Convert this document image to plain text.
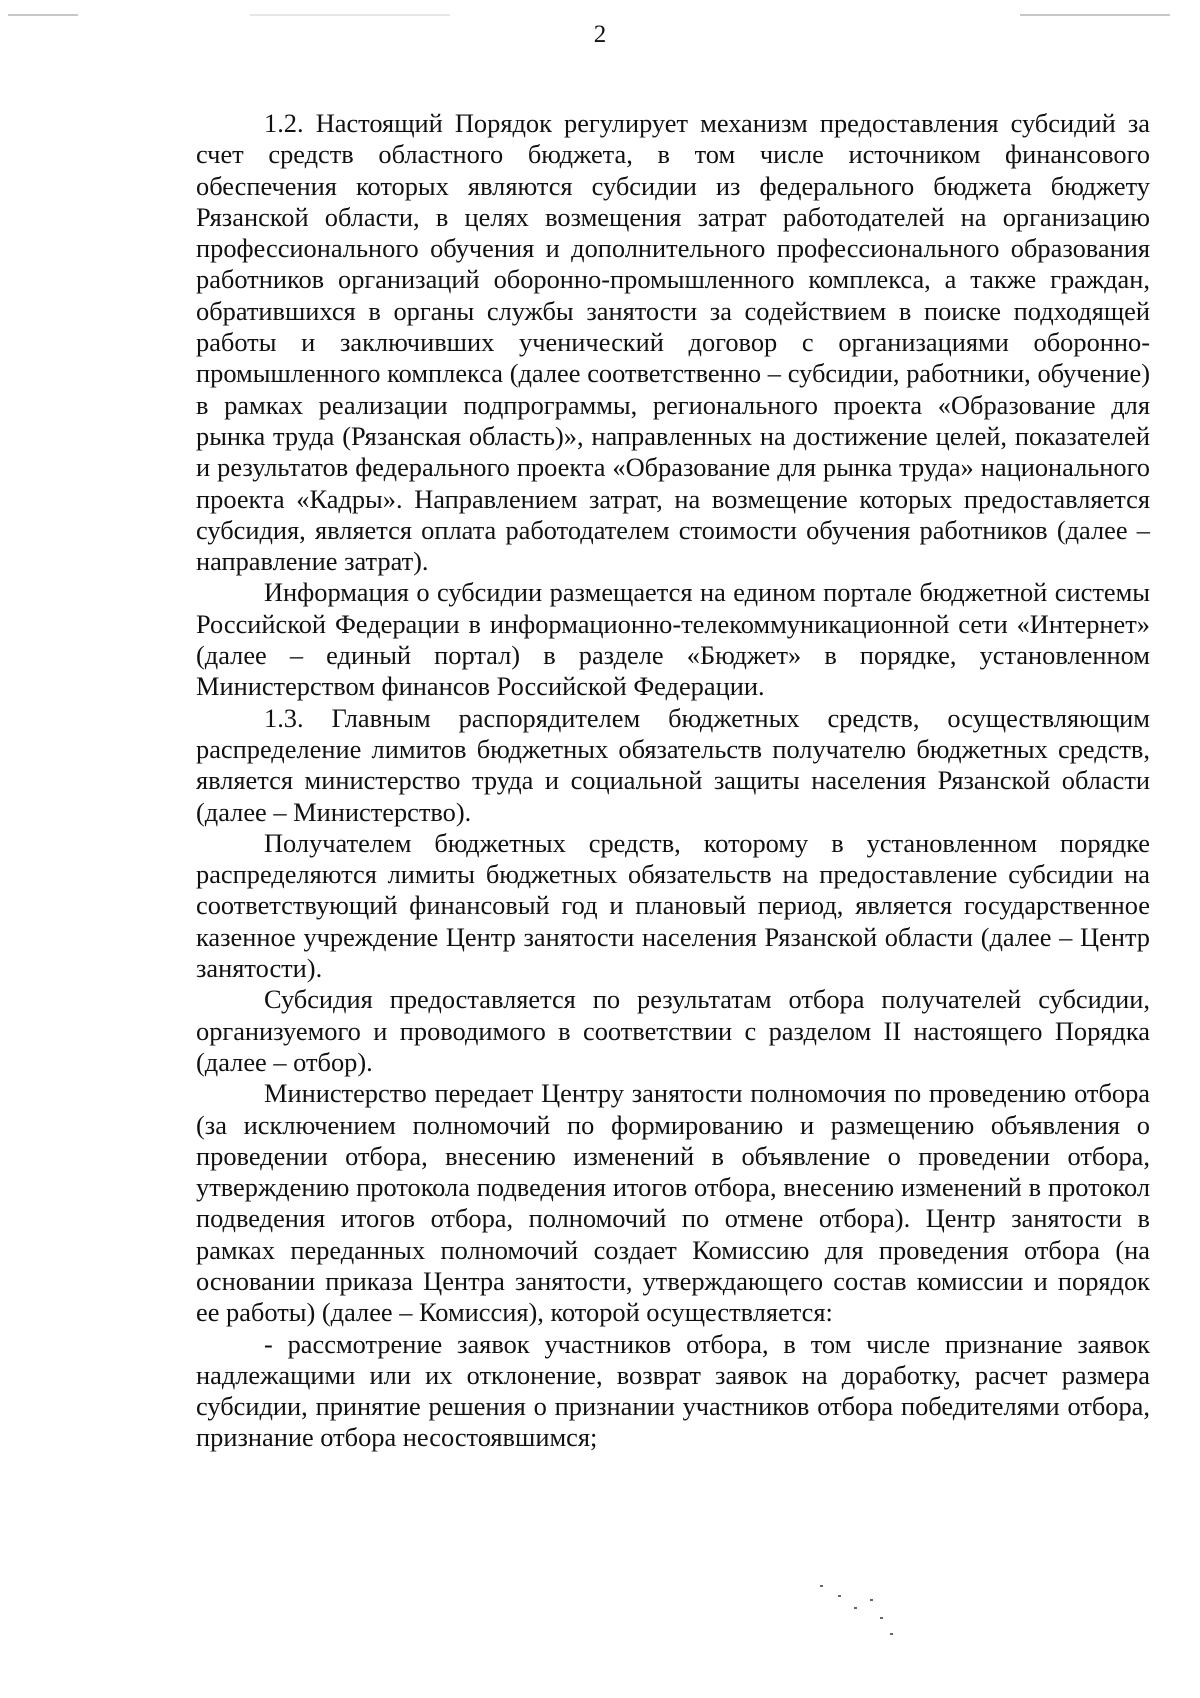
2

1.2. Настоящий Порядок регулирует механизм предоставления субсидий за счет средств областного бюджета, в том числе источником финансового обеспечения которых являются субсидии из федерального бюджета бюджету Рязанской области, в целях возмещения затрат работодателей на организацию профессионального обучения и дополнительного профессионального образования работников организаций оборонно-промышленного комплекса, а также граждан, обратившихся в органы службы занятости за содействием в поиске подходящей работы и заключивших ученический договор с организациями оборонно-промышленного комплекса (далее соответственно – субсидии, работники, обучение) в рамках реализации подпрограммы, регионального проекта «Образование для рынка труда (Рязанская область)», направленных на достижение целей, показателей и результатов федерального проекта «Образование для рынка труда» национального проекта «Кадры». Направлением затрат, на возмещение которых предоставляется субсидия, является оплата работодателем стоимости обучения работников (далее – направление затрат).

Информация о субсидии размещается на едином портале бюджетной системы Российской Федерации в информационно-телекоммуникационной сети «Интернет» (далее – единый портал) в разделе «Бюджет» в порядке, установленном Министерством финансов Российской Федерации.

1.3. Главным распорядителем бюджетных средств, осуществляющим распределение лимитов бюджетных обязательств получателю бюджетных средств, является министерство труда и социальной защиты населения Рязанской области (далее – Министерство).

Получателем бюджетных средств, которому в установленном порядке распределяются лимиты бюджетных обязательств на предоставление субсидии на соответствующий финансовый год и плановый период, является государственное казенное учреждение Центр занятости населения Рязанской области (далее – Центр занятости).

Субсидия предоставляется по результатам отбора получателей субсидии, организуемого и проводимого в соответствии с разделом II настоящего Порядка (далее – отбор).

Министерство передает Центру занятости полномочия по проведению отбора (за исключением полномочий по формированию и размещению объявления о проведении отбора, внесению изменений в объявление о проведении отбора, утверждению протокола подведения итогов отбора, внесению изменений в протокол подведения итогов отбора, полномочий по отмене отбора). Центр занятости в рамках переданных полномочий создает Комиссию для проведения отбора (на основании приказа Центра занятости, утверждающего состав комиссии и порядок ее работы) (далее – Комиссия), которой осуществляется:

- рассмотрение заявок участников отбора, в том числе признание заявок надлежащими или их отклонение, возврат заявок на доработку, расчет размера субсидии, принятие решения о признании участников отбора победителями отбора, признание отбора несостоявшимся;
